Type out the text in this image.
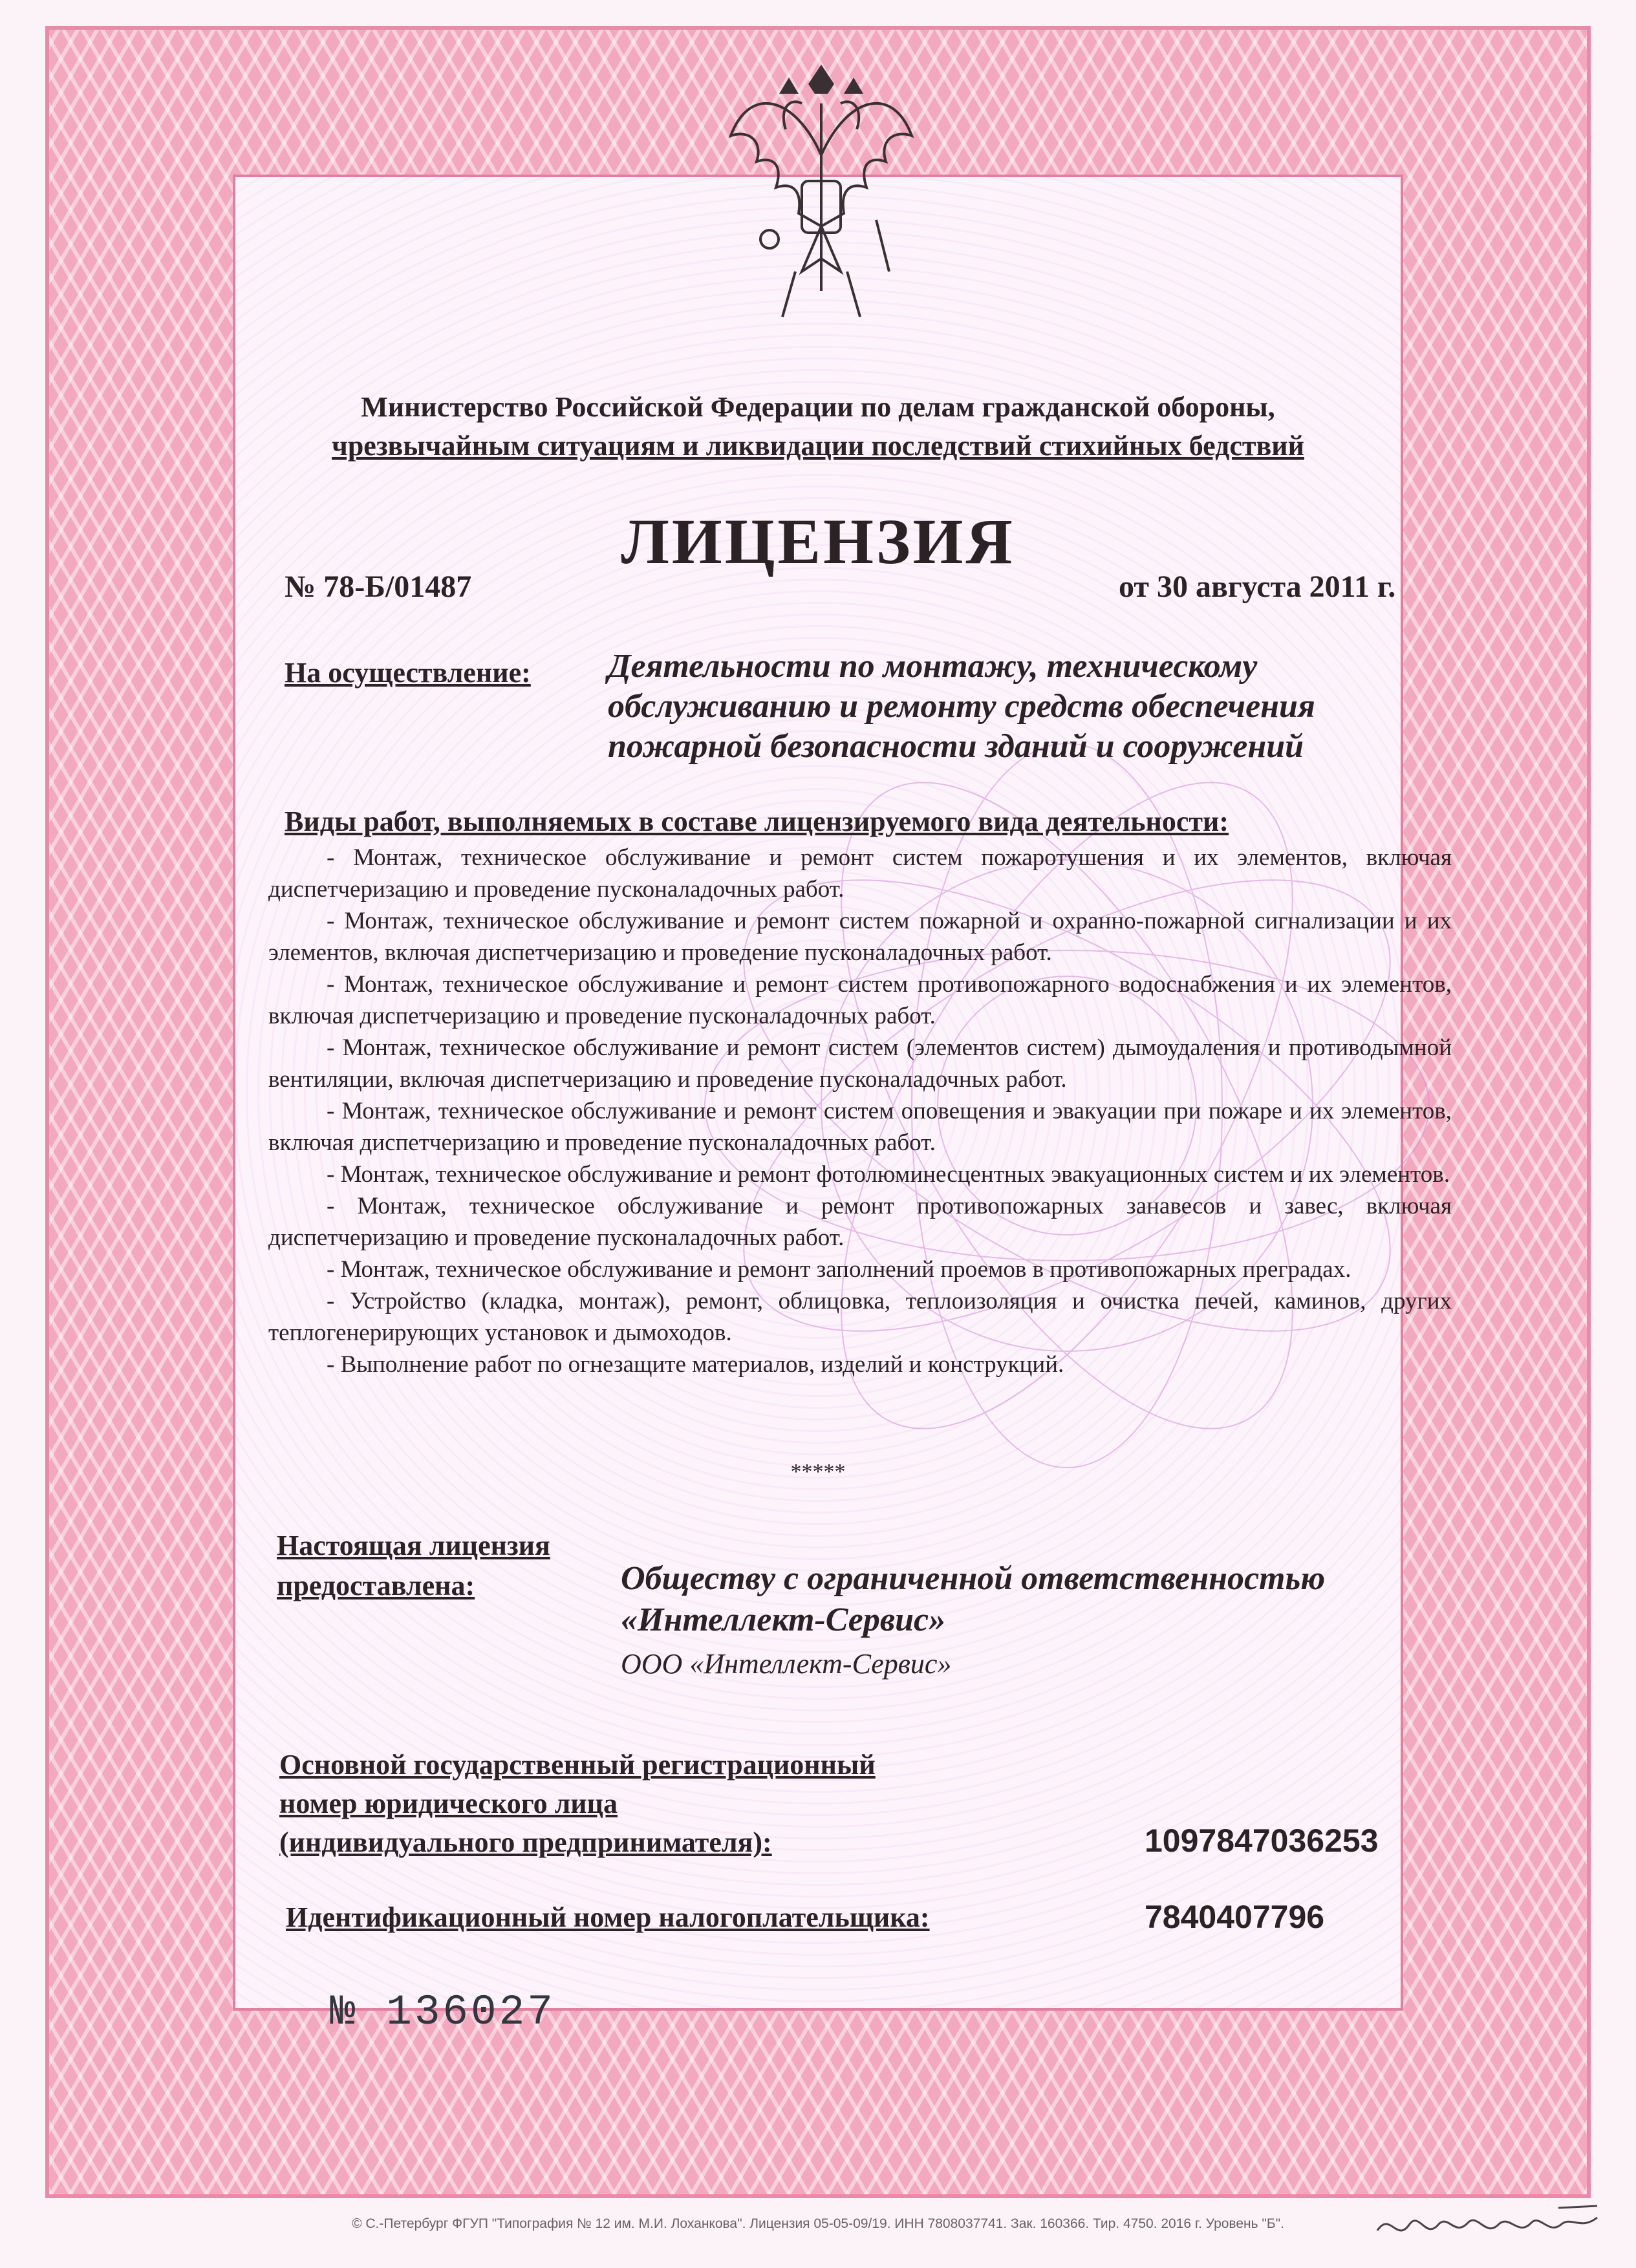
Министерство Российской Федерации по делам гражданской обороны,
чрезвычайным ситуациям и ликвидации последствий стихийных бедствий
ЛИЦЕНЗИЯ
№ 78-Б/01487	от 30 августа 2011 г.
На осуществление: Деятельности по монтажу, техническому обслуживанию и ремонту средств обеспечения пожарной безопасности зданий и сооружений
Виды работ, выполняемых в составе лицензируемого вида деятельности:

- Монтаж, техническое обслуживание и ремонт систем пожаротушения и их элементов, включая диспетчеризацию и проведение пусконаладочных работ.

- Монтаж, техническое обслуживание и ремонт систем пожарной и охранно-пожарной сигнализации и их элементов, включая диспетчеризацию и проведение пусконаладочных работ.

- Монтаж, техническое обслуживание и ремонт систем противопожарного водоснабжения и их элементов, включая диспетчеризацию и проведение пусконаладочных работ.

- Монтаж, техническое обслуживание и ремонт систем (элементов систем) дымоудаления и противодымной вентиляции, включая диспетчеризацию и проведение пусконаладочных работ.

- Монтаж, техническое обслуживание и ремонт систем оповещения и эвакуации при пожаре и их элементов, включая диспетчеризацию и проведение пусконаладочных работ.

- Монтаж, техническое обслуживание и ремонт фотолюминесцентных эвакуационных систем и их элементов.

- Монтаж, техническое обслуживание и ремонт противопожарных занавесов и завес, включая диспетчеризацию и проведение пусконаладочных работ.

- Монтаж, техническое обслуживание и ремонт заполнений проемов в противопожарных преградах.

- Устройство (кладка, монтаж), ремонт, облицовка, теплоизоляция и очистка печей, каминов, других теплогенерирующих установок и дымоходов.

- Выполнение работ по огнезащите материалов, изделий и конструкций.

*****
Настоящая лицензия
предоставлена:	Обществу с ограниченной ответственностью
«Интеллект-Сервис»
ООО «Интеллект-Сервис»
Основной государственный регистрационный
номер юридического лица
(индивидуального предпринимателя):	1097847036253
Идентификационный номер налогоплательщика:	7840407796
№ 136027
© С.-Петербург ФГУП "Типография № 12 им. М.И. Лоханкова". Лицензия 05-05-09/19. ИНН 7808037741. Зак. 160366. Тир. 4750. 2016 г. Уровень "Б".
